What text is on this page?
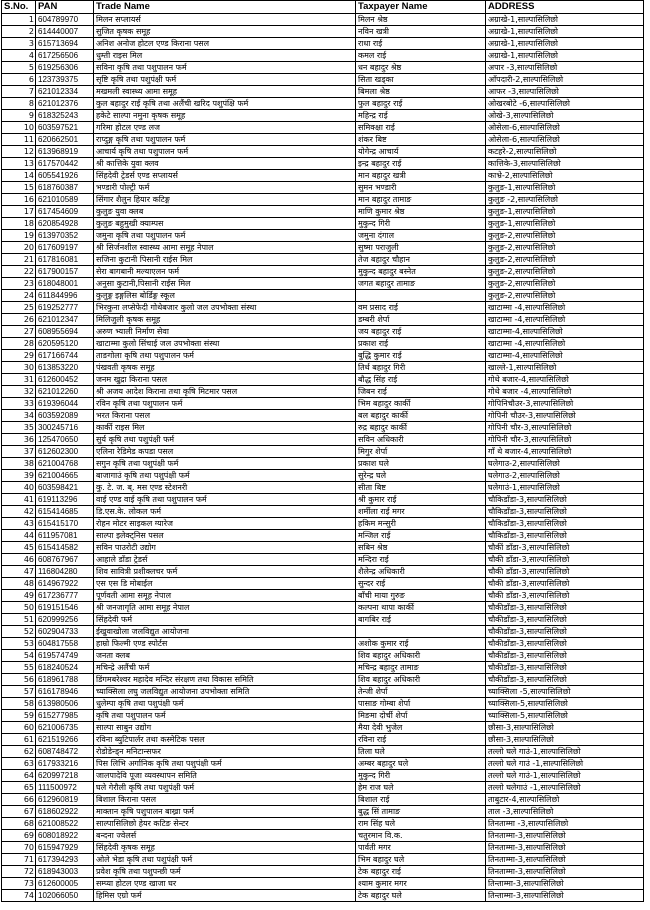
S.No.	PAN	Trade Name	Taxpayer Name	ADDRESS
1	604789970	मिलन सप्लायर्स	मिलन श्रेष्ठ	अग्राखे-1,साल्पासिलिछो
2	614440007	सुजित कृषक समूह	नविन खत्री	अग्राखे-1,साल्पासिलिछो
3	615713694	अनिश अनोज होटल एण्ड किराना पसल	राधा राई	अग्राखे-1,साल्पासिलिछो
4	617256506	धुम्ती राइस मिल	कमल राई	अग्राखे-1,साल्पासिलिछो
5	619256306	सविना कृषि तथा पशुपालन फर्म	धन बहादुर श्रेष्ठ	अपार -3,साल्पासिलिछो
6	123739375	सृष्टि कृषि तथा पशुपंक्षी फर्म	सिता खड्का	आँपदारी-2,साल्पासिलिछो
7	621012334	मखमली स्वास्थ्य आमा समूह	बिमला श्रेष्ठ	आफर -3,साल्पासिलिछो
8	621012376	कुल बहादुर राई कृषि तथा अलैंची खरिद पशुपंक्षि फर्म	फुल बहादुर राई	ओखरबोटे -6,साल्पासिलिछो
9	618325243	हकेटे साल्पा नमुना कृषक समूह	महिन्द्र राई	ओखे-3,साल्पासिलिछो
10	603597521	गरिमा होटल एण्ड लज	समिक्क्षा राई	ओसेला-6,साल्पासिलिछो
11	620662501	राप्दुङ्ग कृषि तथा पशुपालन फर्म	शंकर बिष्ट	ओसेला-6,साल्पासिलिछो
12	613968919	आचार्य कृषि तथा पशुपालन फर्म	योगेन्द्र आचार्य	कटहरे-2,साल्पासिलिछो
13	617570442	श्री कात्तिके युवा क्लव	इन्द्र बहादुर राई	कात्तिके-3,साल्पासिलिछो
14	605541926	सिंहदेवी ट्रेडर्स एण्ड सप्लायर्स	मान बहादुर खत्री	काभ्रे-2,साल्पासिलिछो
15	618760387	भण्डारी पोल्ट्री फर्म	सुमन भण्डारी	कुलुङ-1,साल्पासिलिछो
16	621010589	सिंगार शैलुन हियार कटिङ्ग	मान बहादुर तामाङ	कुलुङ -2,साल्पासिलिछो
17	617454609	कुलुङ युवा क्लब	माणि कुमार श्रेष्ठ	कुलुङ-1,साल्पासिलिछो
18	620854928	कुलुङ बहुमुखी क्याम्पस	मुकुन्द गिरी	कुलुङ-1,साल्पासिलिछो
19	613970352	जमुना कृषि तथा पशुपालन फर्म	जमुना दंगाल	कुलुङ-2,साल्पासिलिछो
20	617609197	श्री सिर्जनशील स्वास्थ्य आमा समूह नेपाल	सुष्मा पराजुली	कुलुङ-2,साल्पासिलिछो
21	617816081	सजिना कुटानी पिसानी राईस मिल	तेज बहादुर चौहान	कुलुङ-2,साल्पासिलिछो
22	617900157	सेरा बागबानी मल्याएलन फर्म	मुकुन्द बहादुर बस्नेत	कुलुङ-2,साल्पासिलिछो
23	618048001	अनुसा कुटानी,पिसानी राईस मिल	जगत बहादुर तामाङ	कुलुङ-2,साल्पासिलिछो
24	611844996	कुलुङ्ग इङ्गलिस बोर्डिङ्ग स्कूल		कुलुङ-2,साल्पासिलिछो
25	619252777	भिरकुना लप्सेफेदी गोथेबजार कुलो जल उपभोक्ता संस्था	वम प्रसाद राई	खाटाम्मा -4,साल्पासिलिछो
26	621012347	मिलिजुली कृषक समूह	डम्बरी शेर्पा	खाटाम्मा -4,साल्पासिलिछो
27	608955694	अरुण भ्याली निर्माण सेवा	जय बहादुर राई	खाटाम्मा-4,साल्पासिलिछो
28	620595120	खाटाम्मा कुलो सिंचाई जल उपभोक्ता संस्था	प्रकाश राई	खाटाम्मा -4,साल्पासिलिछो
29	617166744	ताङगोला कृषि तथा पशुपालन फर्म	बुद्धि कुमार राई	खाटाम्मा-4,साल्पासिलिछो
30	613853220	पंखवती कृषक समूह	तिर्थ बहादुर गिरी	खाल्ले-1,साल्पासिलिछो
31	612600452	जनम खुद्रा किराना पसल	बौद्ध सिंह राई	गोथे बजार-4,साल्पासिलिछो
32	621012260	श्री अजय आदेश किराना तथा कृषि मिटमार पसल	जिबन राई	गोथे बजार -4,साल्पासिलिछो
33	619396044	रविन कृषि तथा पशुपालन फर्म	भिम बहादुर कार्की	गोपिनिचौउर-3,साल्पासिलिछो
34	603592089	भरत किराना पसल	बल बहादुर कार्की	गोपिनी चौउर-3,साल्पासिलिछो
35	300245716	कार्की राइस मिल	रुद्र बहादुर कार्की	गोपिनी चौर-3,साल्पासिलिछो
36	125470650	सुर्य कृषि तथा पशुपंक्षी फर्म	सविन अधिकारी	गोपिनी चौर-3,साल्पासिलिछो
37	612602300	एलिना रेडिमेड कपडा पसल	मिगुर शेर्पा	गाँ थे बजार-4,साल्पासिलिछो
38	621004768	सगुन कृषि तथा पशुपंक्षी फर्म	प्रकाश घले	घलेगाउ-2,साल्पासिलिछो
39	621004665	बाजागाउं कृषि तथा पशुपंक्षी फर्म	सुरेन्द्र घले	घलेगाउ-2,साल्पासिलिछो
40	603598421	कु. टे. ज. ब्. मस एण्ड स्टेशनरी	सीता बिष्ट	घलेगाउं-1,साल्पासिलिछो
41	619113296	वाई एण्ड वाई कृषि तथा पशुपालन फर्म	श्री कुमार राई	चौकिडाँडा-3,साल्पासिलिछो
42	615414685	डि.एस.के. लोकल फर्म	शर्मीला राई मगर	चौकिडाँडा-3,साल्पासिलिछो
43	615415170	रोहन मोटर साइकल ग्यारेज	हकिम मन्सुरी	चौकिडाँडा-3,साल्पासिलिछो
44	611957081	साल्पा इलेक्ट्निस पसल	मन्जिल राई	चौकिडाँडा-3,साल्पासिलिछो
45	615414582	सविन पाउरोटी उद्योग	सबिन श्रेष्ठ	चौकीं डाँडा-3,साल्पासिलिछो
46	608767967	आहाले डाँडा ट्रेडर्स	मन्दिरा राई	चौकी डाँडा-3,साल्पासिलिछो
47	116804280	शिव सावित्री प्रशीक्लचर फर्म	शैलेन्द्र अधिकारी	चौकी डाँडा-3,साल्पासिलिछो
48	614967922	एस एस डि मोबाईल	सुन्दर राई	चौकी डाँडा-3,साल्पासिलिछो
49	617236777	पूर्णवती आमा समूह नेपाल	बाँची माया गुरुङ	चौकी डाँडा-3,साल्पासिलिछो
50	619151546	श्री जनजागृति आमा समूह नेपाल	कल्पना थापा कार्की	चौकीडाँडा-3,साल्पासिलिछो
51	620999256	सिंहदेवी फर्म	बागबिर राई	चौकीडाँडा-3,साल्पासिलिछो
52	602904733	ईखुवाखोला जलविद्युत आयोजना		चौकीडाँडा-3,साल्पासिलिछो
53	604817558	हाम्रो फिल्मी एण्ड स्पोर्टस	अशोक कुमार राई	चौकीडाँडा-3,साल्पासिलिछो
54	619574749	जनता क्लब	शिव बहादुर अधिकारी	चौकीडाँडा-3,साल्पासिलिछो
55	618240524	मचिन्द्रे अलैंची फर्म	मचिन्द्र बहादुर तामाङ	चौकीडाँडा-3,साल्पासिलिछो
56	618961788	डिंगमबरेश्वर महादेव मन्दिर संरक्षण तथा विकास समिति	शिव बहादुर अधिकारी	चौकीडाँडा-3,साल्पासिलिछो
57	616178946	च्याक्सिला लघु जलविद्युत आयोजना उपभोक्ता समिति	तेन्जी शेर्पा	च्याक्सिला -5,साल्पासिलिछो
58	613980506	धुलेम्पा कृषि तथा पशुपंक्षी फर्म	पासाङ गोम्बा शेर्पा	च्याक्सिला-5,साल्पासिलिछो
59	615277985	कृषि तथा पशुपालन फर्म	मिङमा दोर्ची शेर्पा	च्याक्सिला-5,साल्पासिलिछो
60	621006735	साल्पा साबुन उद्योग	मैया देवी भुजेल	छौसा-3,साल्पासिलिछो
61	621519266	रविना ब्युटिपार्लर तथा कस्मेटिक पसल	रविना राई	छौसा-3,साल्पासिलिछो
62	608748472	रोडोडेन्ड्न मनिटान्सफर	तिला घले	तल्लो घले गाउं-1,साल्पासिलिछो
63	617933216	पिस लिभि अर्गानिक कृषि तथा पशुपंक्षी फर्म	अम्बर बहादुर घले	तल्लो घले गाउं -1,साल्पासिलिछो
64	620997218	जालपादेवि पूजा व्यवस्थापन समिति	मुकुन्द गिरी	तल्लो घले गाउं-1,साल्पासिलिछो
65	111500972	घले गेरौली कृषि तथा पशुपंक्षी फर्म	हेम राज घले	तल्लो घलेगाउं -1,साल्पासिलिछो
66	612960819	बिशाल किराना पसल	बिशाल राई	ताबुटार-4,साल्पासिलिछो
67	618602922	माक्तान कृषि पशुपालन बाख्रा फर्म	बुद्ध सिं तामाङ	ताल -3,साल्पासिलिछो
68	621008522	साल्पासिलिछो हेयर कटिङ सेन्टर	राम सिंह घले	तिनताम्मा -3,साल्पासिलिछो
69	608018922	बन्दना ज्वेलर्स	चतुरमान वि.क.	तिनताम्मा-3,साल्पासिलिछो
70	615947929	सिंहदेवी कृषक समूह	पार्वती मगर	तिनताम्मा-3,साल्पासिलिछो
71	617394293	ओले भेडा कृषि तथा पशुपंक्षी फर्म	भिम बहादुर घले	तिनताम्मा-3,साल्पासिलिछो
72	618943003	प्रवेश कृषि तथा पशुपन्छी फर्म	टेक बहादुर राई	तिनताम्मा-3,साल्पासिलिछो
73	612600005	सम्प्या होटल एण्ड खाजा घर	श्याम कुमार मगर	तिन्ताम्मा-3,साल्पासिलिछो
74	102066050	हिमिस एग्रो फर्म	टेक बहादुर घले	तिन्ताम्मा-3,साल्पासिलिछो
